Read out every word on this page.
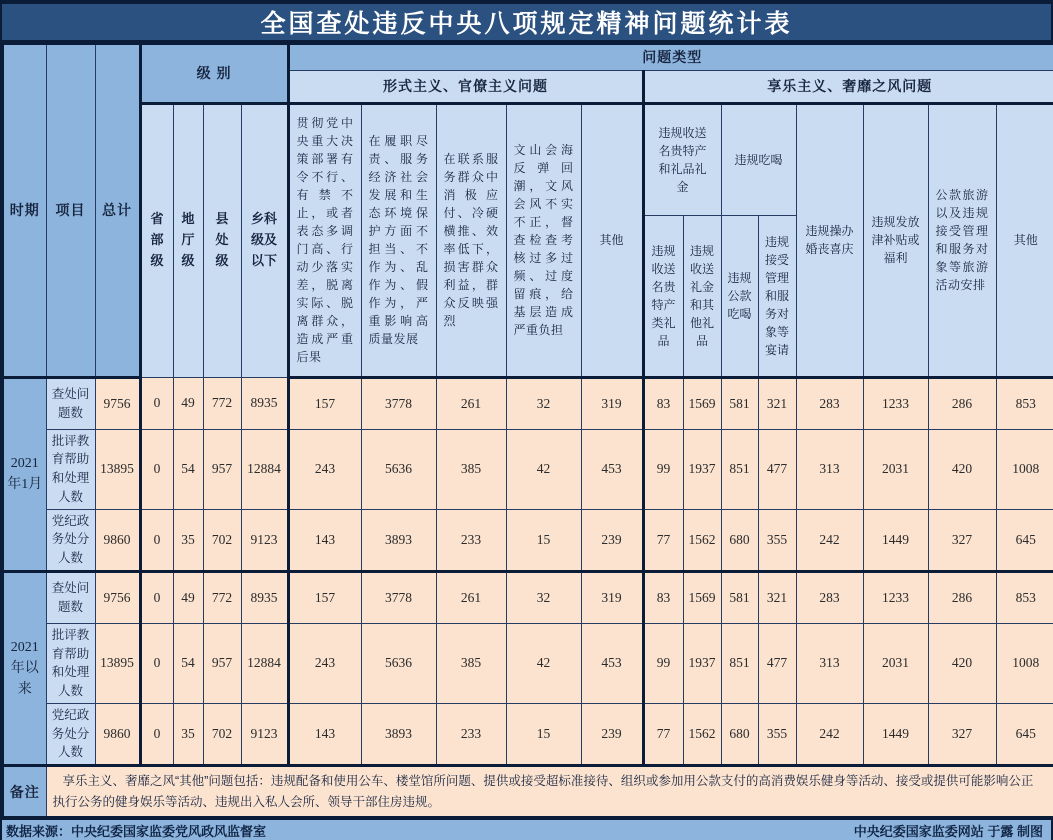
全国查处违反中央八项规定精神问题统计表
时期	项目	总计	级 别				问题类型												
							形式主义、官僚主义问题					享乐主义、奢靡之风问题							
			省部级	地厅级	县处级	乡科级及以下	贯彻党中央重大决策部署有令不行、有禁不止，或者表态多调门高、行动少落实差，脱离实际、脱离群众，造成严重后果	在履职尽责、服务经济社会发展和生态环境保护方面不担当、不作为、乱作为、假作为，严重影响高质量发展	在联系服务群众中消极应付、冷硬横推、效率低下，损害群众利益，群众反映强烈	文山会海反弹回潮，文风会风不实不正，督查检查考核过多过频、过度留痕，给基层造成严重负担	其他	违规收送名贵特产和礼品礼金		违规吃喝		违规操办婚丧喜庆	违规发放津补贴或福利	公款旅游以及违规接受管理和服务对象等旅游活动安排	其他
												违规收送名贵特产类礼品	违规收送礼金和其他礼品	违规公款吃喝	违规接受管理和服务对象等宴请				
2021年1月	查处问题数	9756	0	49	772	8935	157	3778	261	32	319	83	1569	581	321	283	1233	286	853
	批评教育帮助和处理人数	13895	0	54	957	12884	243	5636	385	42	453	99	1937	851	477	313	2031	420	1008
	党纪政务处分人数	9860	0	35	702	9123	143	3893	233	15	239	77	1562	680	355	242	1449	327	645
2021年以来	查处问题数	9756	0	49	772	8935	157	3778	261	32	319	83	1569	581	321	283	1233	286	853
	批评教育帮助和处理人数	13895	0	54	957	12884	243	5636	385	42	453	99	1937	851	477	313	2031	420	1008
	党纪政务处分人数	9860	0	35	702	9123	143	3893	233	15	239	77	1562	680	355	242	1449	327	645
备注	享乐主义、奢靡之风“其他”问题包括：违规配备和使用公车、楼堂馆所问题、提供或接受超标准接待、组织或参加用公款支付的高消费娱乐健身等活动、接受或提供可能影响公正执行公务的健身娱乐等活动、违规出入私人会所、领导干部住房违规。																		
数据来源：中央纪委国家监委党风政风监督室	中央纪委国家监委网站 于露 制图
